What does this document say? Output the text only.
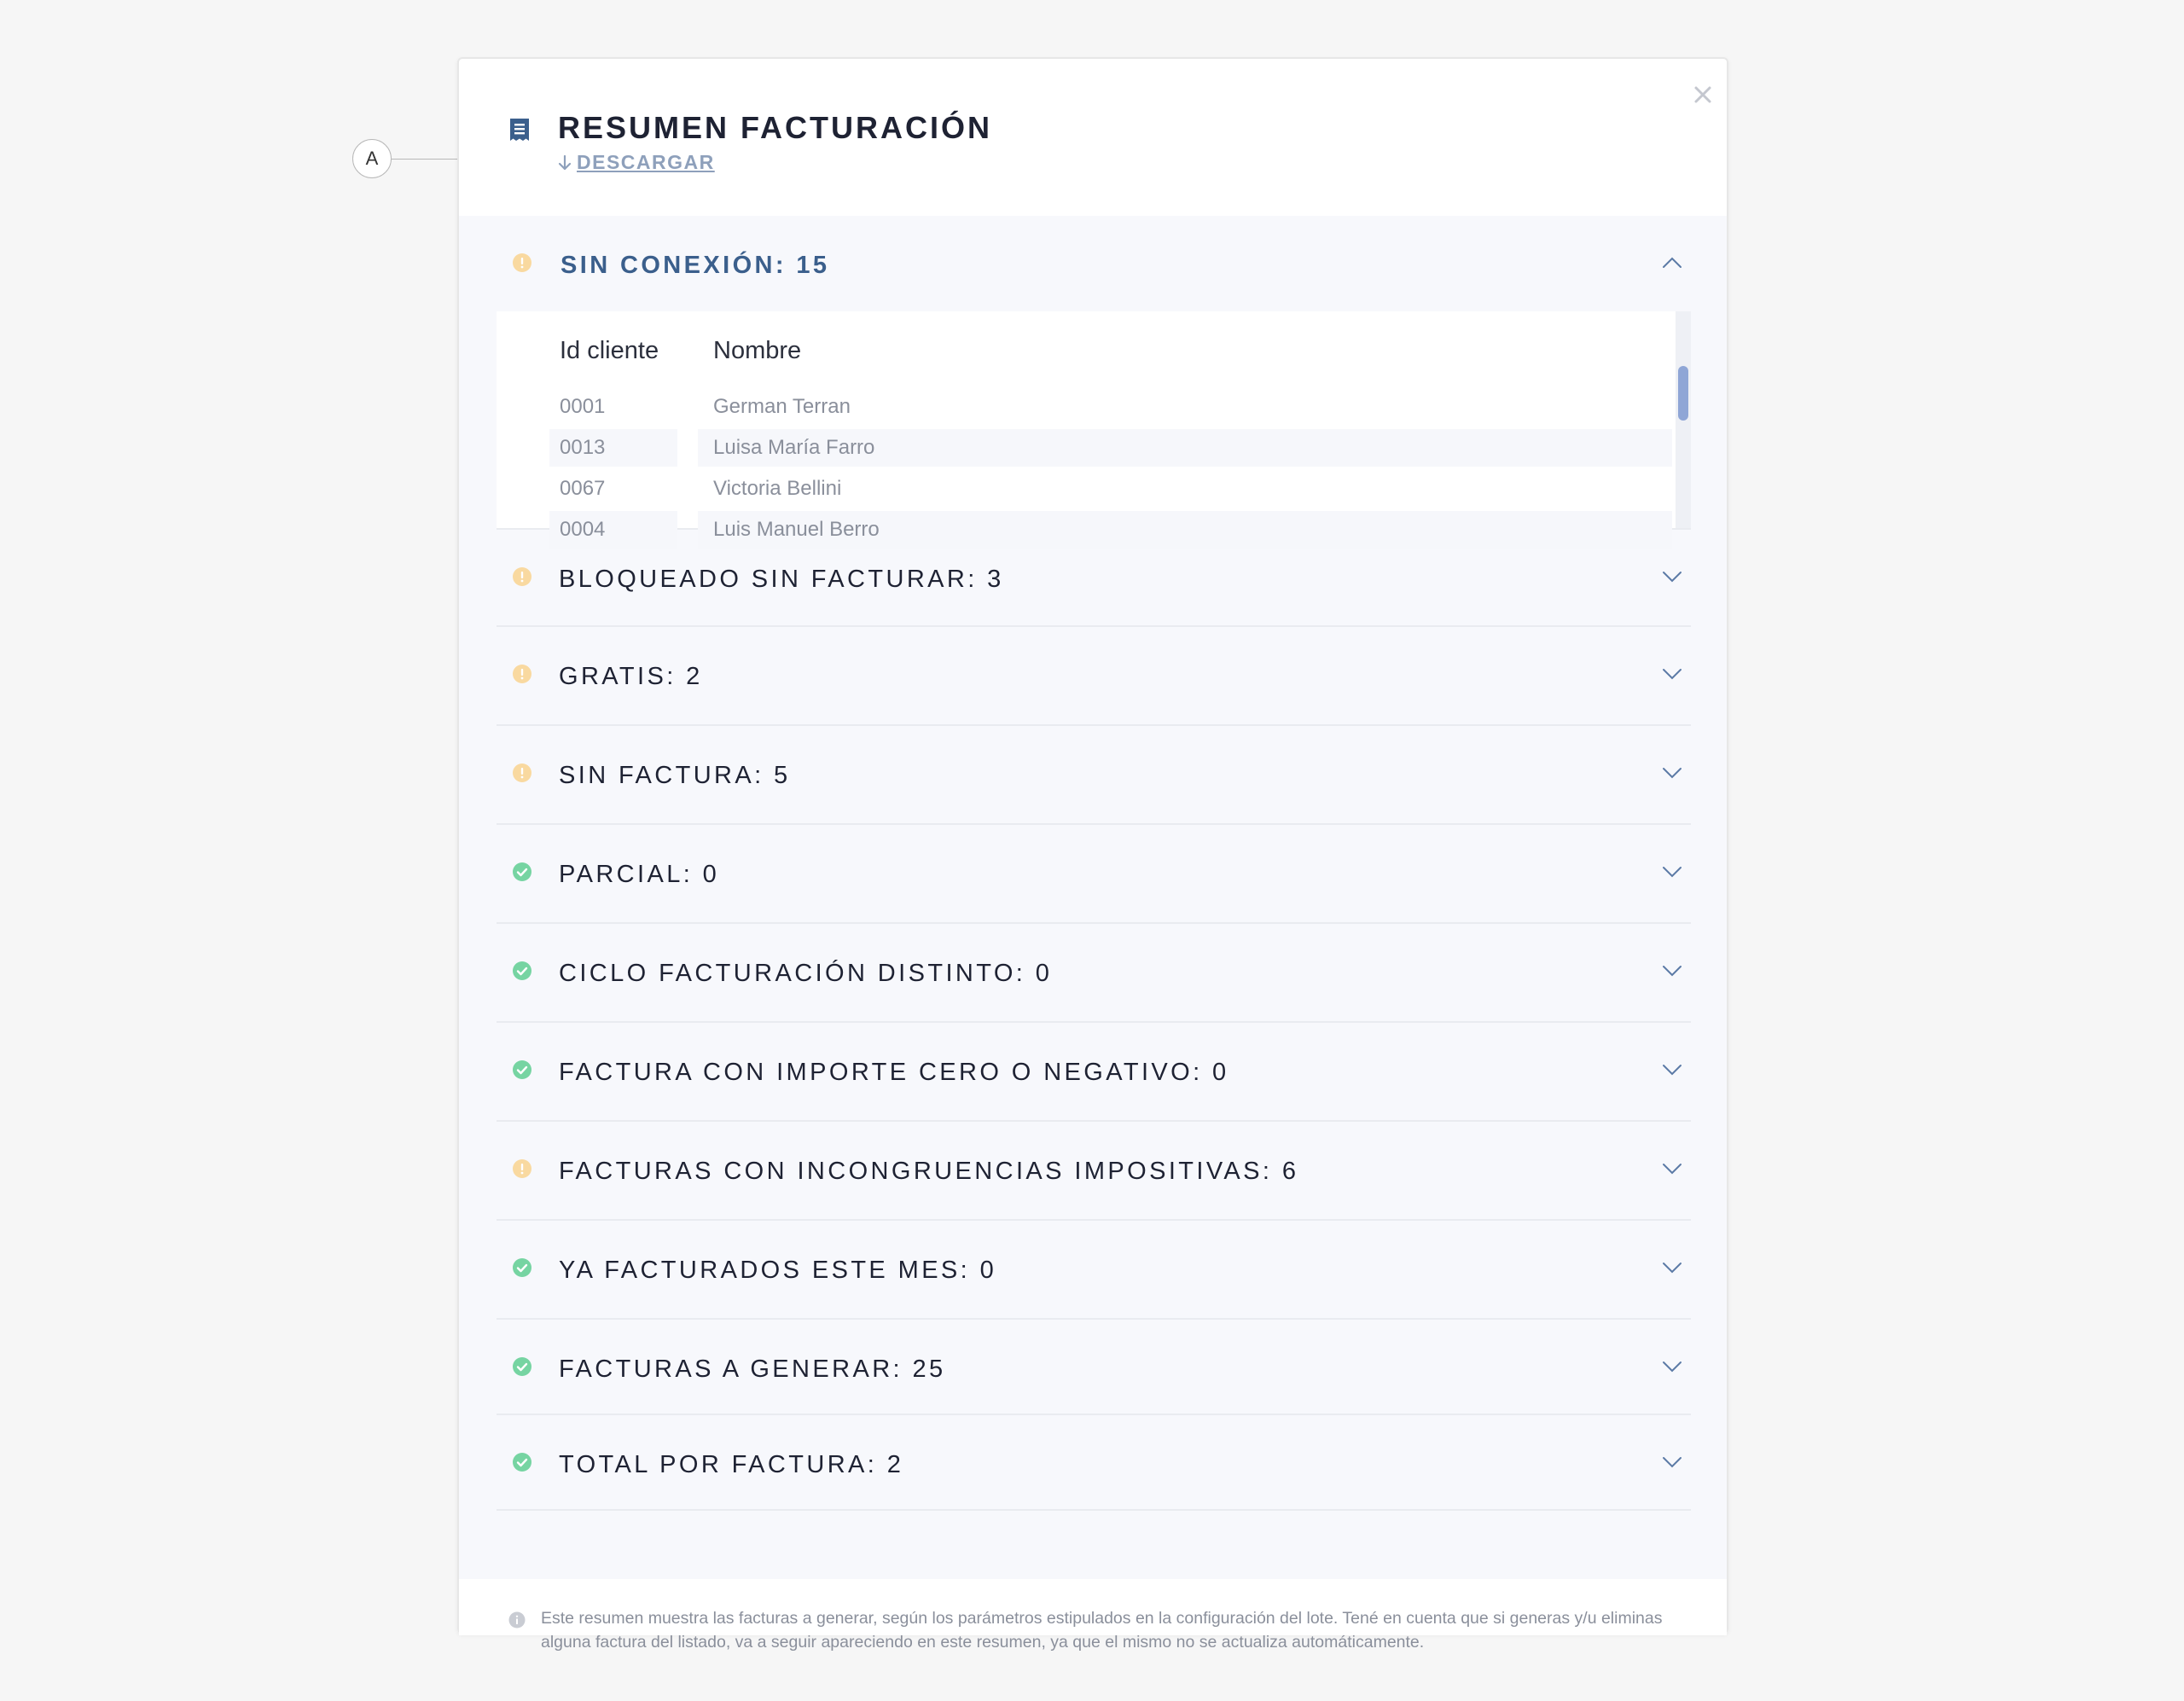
A
RESUMEN FACTURACIÓN
DESCARGAR
SIN CONEXIÓN: 15
Id cliente Nombre
0001	German Terran
0013	Luisa María Farro
0067	Victoria Bellini
0004	Luis Manuel Berro
BLOQUEADO SIN FACTURAR: 3
GRATIS: 2
SIN FACTURA: 5
PARCIAL: 0
CICLO FACTURACIÓN DISTINTO: 0
FACTURA CON IMPORTE CERO O NEGATIVO: 0
FACTURAS CON INCONGRUENCIAS IMPOSITIVAS: 6
YA FACTURADOS ESTE MES: 0
FACTURAS A GENERAR: 25
TOTAL POR FACTURA: 2
Este resumen muestra las facturas a generar, según los parámetros estipulados en la configuración del lote. Tené en cuenta que si generas y/u eliminas alguna factura del listado, va a seguir apareciendo en este resumen, ya que el mismo no se actualiza automáticamente.
